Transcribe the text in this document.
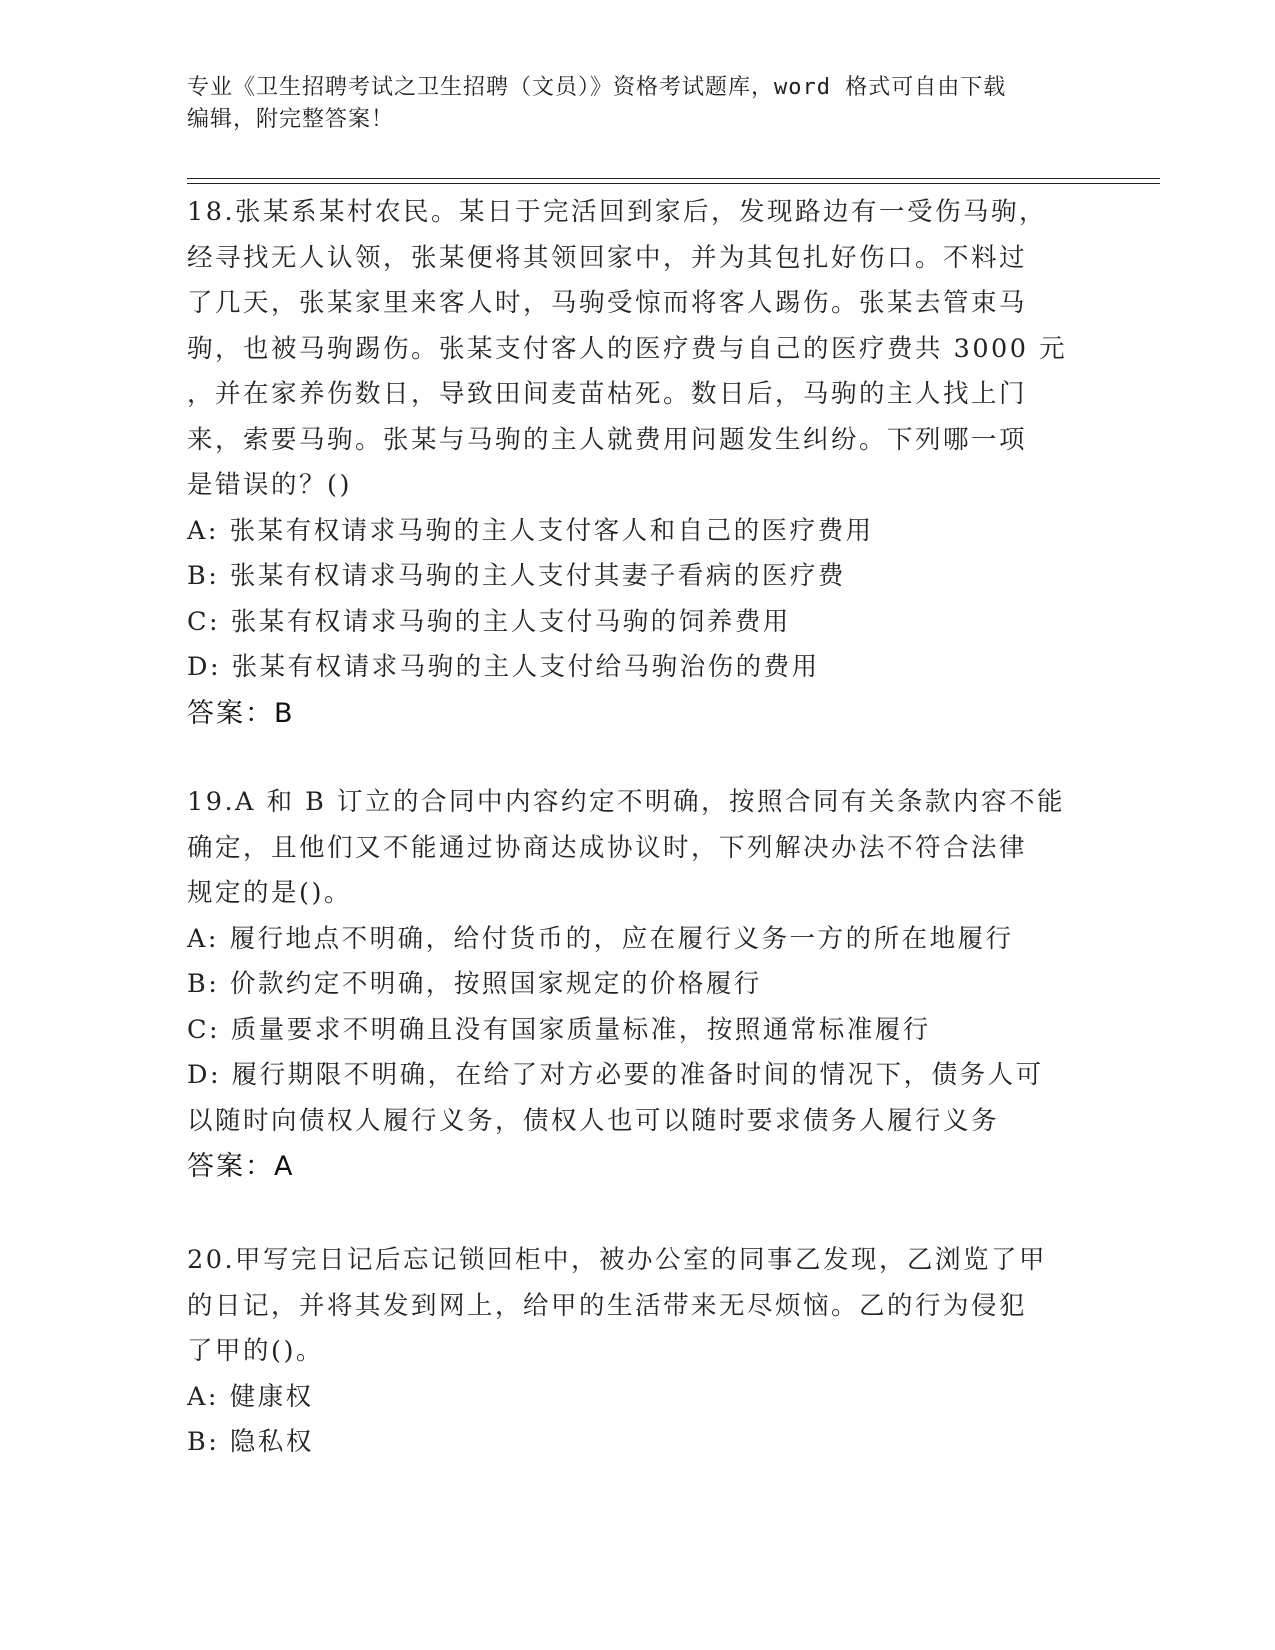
专业《卫生招聘考试之卫生招聘（文员）》资格考试题库，word 格式可自由下载
编辑，附完整答案！

18.张某系某村农民。某日于完活回到家后，发现路边有一受伤马驹，

经寻找无人认领，张某便将其领回家中，并为其包扎好伤口。不料过

了几天，张某家里来客人时，马驹受惊而将客人踢伤。张某去管束马

驹，也被马驹踢伤。张某支付客人的医疗费与自己的医疗费共 3000 元

，并在家养伤数日，导致田间麦苗枯死。数日后，马驹的主人找上门

来，索要马驹。张某与马驹的主人就费用问题发生纠纷。下列哪一项

是错误的？()

A: 张某有权请求马驹的主人支付客人和自己的医疗费用

B: 张某有权请求马驹的主人支付其妻子看病的医疗费

C: 张某有权请求马驹的主人支付马驹的饲养费用

D: 张某有权请求马驹的主人支付给马驹治伤的费用

答案：B

19.A 和 B 订立的合同中内容约定不明确，按照合同有关条款内容不能

确定，且他们又不能通过协商达成协议时，下列解决办法不符合法律

规定的是()。

A: 履行地点不明确，给付货币的，应在履行义务一方的所在地履行

B: 价款约定不明确，按照国家规定的价格履行

C: 质量要求不明确且没有国家质量标准，按照通常标准履行

D: 履行期限不明确，在给了对方必要的准备时间的情况下，债务人可

以随时向债权人履行义务，债权人也可以随时要求债务人履行义务

答案：A

20.甲写完日记后忘记锁回柜中，被办公室的同事乙发现，乙浏览了甲

的日记，并将其发到网上，给甲的生活带来无尽烦恼。乙的行为侵犯

了甲的()。

A: 健康权

B: 隐私权
